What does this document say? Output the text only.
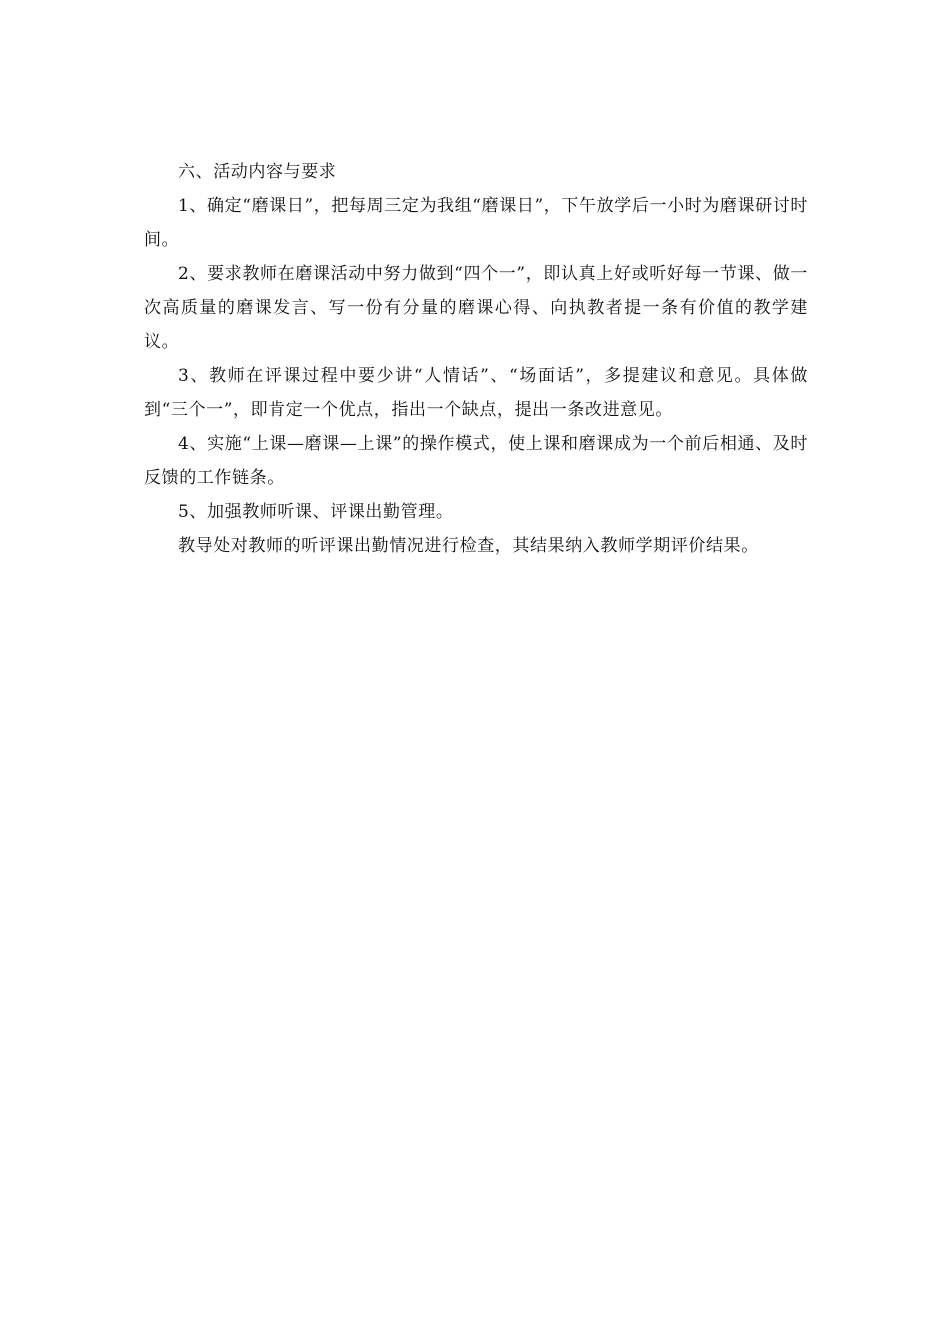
六、活动内容与要求

1、确定“磨课日”，把每周三定为我组“磨课日”，下午放学后一小时为磨课研讨时间。

2、要求教师在磨课活动中努力做到“四个一”，即认真上好或听好每一节课、做一次高质量的磨课发言、写一份有分量的磨课心得、向执教者提一条有价值的教学建议。

3、教师在评课过程中要少讲“人情话”、“场面话”，多提建议和意见。具体做到“三个一”，即肯定一个优点，指出一个缺点，提出一条改进意见。

4、实施“上课—磨课—上课”的操作模式，使上课和磨课成为一个前后相通、及时反馈的工作链条。

5、加强教师听课、评课出勤管理。

教导处对教师的听评课出勤情况进行检查，其结果纳入教师学期评价结果。
